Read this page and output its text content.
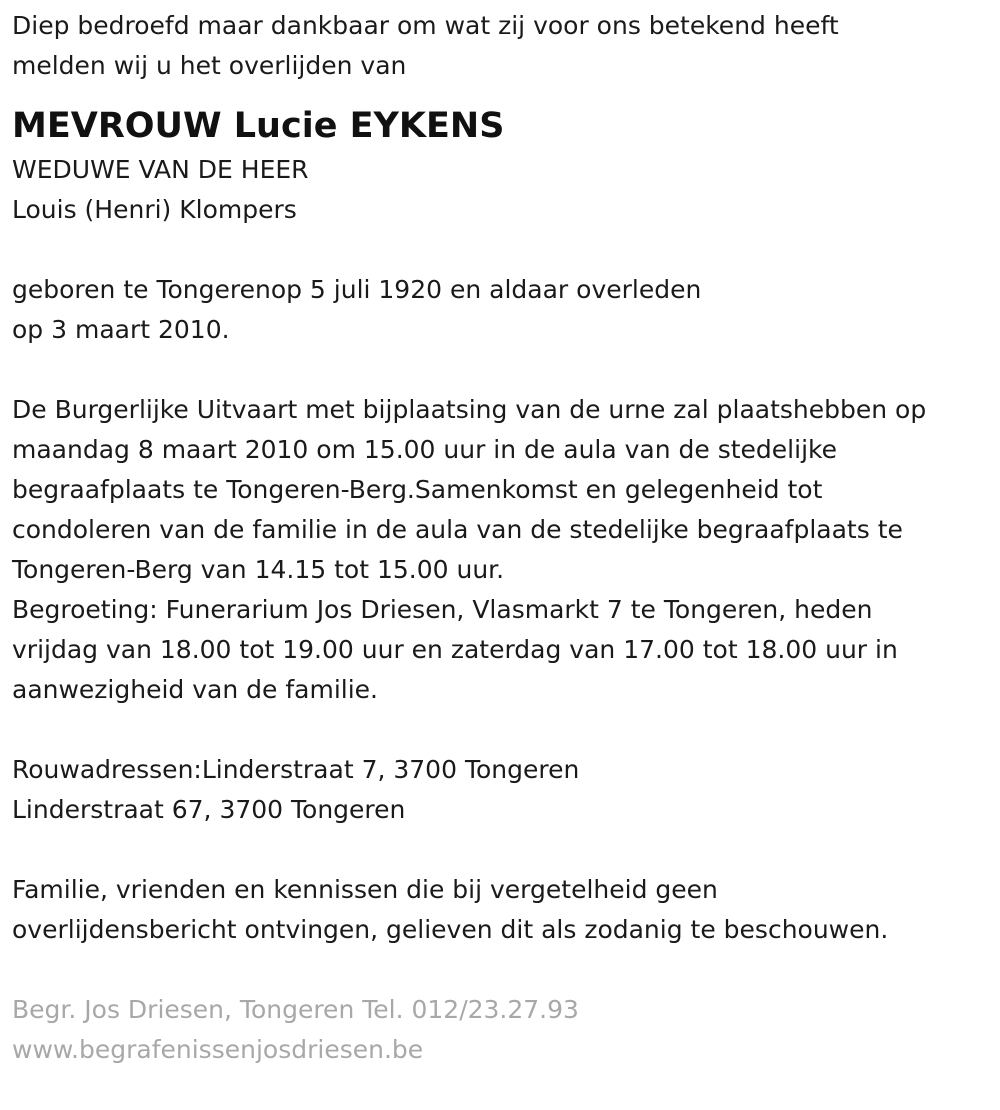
Diep bedroefd maar dankbaar om wat zij voor ons betekend heeft

melden wij u het overlijden van

MEVROUW Lucie EYKENS

WEDUWE VAN DE HEER

Louis (Henri) Klompers

geboren te Tongerenop 5 juli 1920 en aldaar overleden

op 3 maart 2010.

De Burgerlijke Uitvaart met bijplaatsing van de urne zal plaatshebben op

maandag 8 maart 2010 om 15.00 uur in de aula van de stedelijke

begraafplaats te Tongeren-Berg.Samenkomst en gelegenheid tot

condoleren van de familie in de aula van de stedelijke begraafplaats te

Tongeren-Berg van 14.15 tot 15.00 uur.

Begroeting: Funerarium Jos Driesen, Vlasmarkt 7 te Tongeren, heden

vrijdag van 18.00 tot 19.00 uur en zaterdag van 17.00 tot 18.00 uur in

aanwezigheid van de familie.

Rouwadressen:Linderstraat 7, 3700 Tongeren

Linderstraat 67, 3700 Tongeren

Familie, vrienden en kennissen die bij vergetelheid geen

overlijdensbericht ontvingen, gelieven dit als zodanig te beschouwen.

Begr. Jos Driesen, Tongeren Tel. 012/23.27.93

www.begrafenissenjosdriesen.be
